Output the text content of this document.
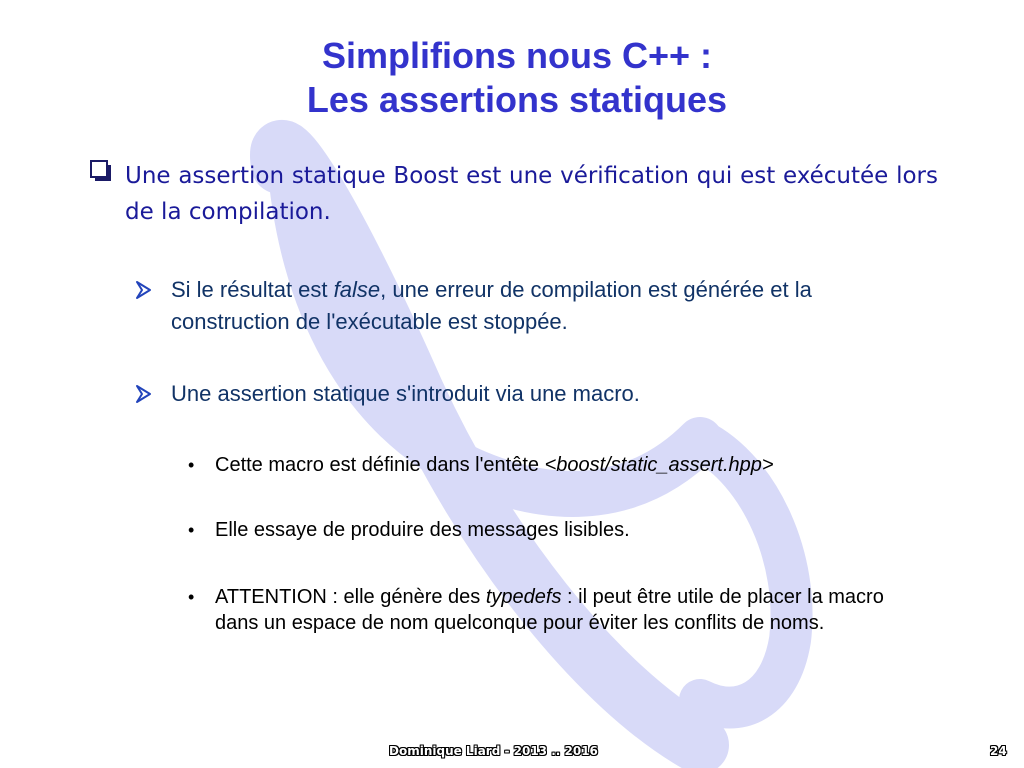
Simplifions nous C++ :
Les assertions statiques
Une assertion statique Boost est une vérification qui est exécutée lors de la compilation.
Si le résultat est false, une erreur de compilation est générée et la construction de l'exécutable est stoppée.
Une assertion statique s'introduit via une macro.
• Cette macro est définie dans l'entête <boost/static_assert.hpp>
• Elle essaye de produire des messages lisibles.
• ATTENTION : elle génère des typedefs : il peut être utile de placer la macro dans un espace de nom quelconque pour éviter les conflits de noms.
Dominique Liard - 2013 .. 2016	24
